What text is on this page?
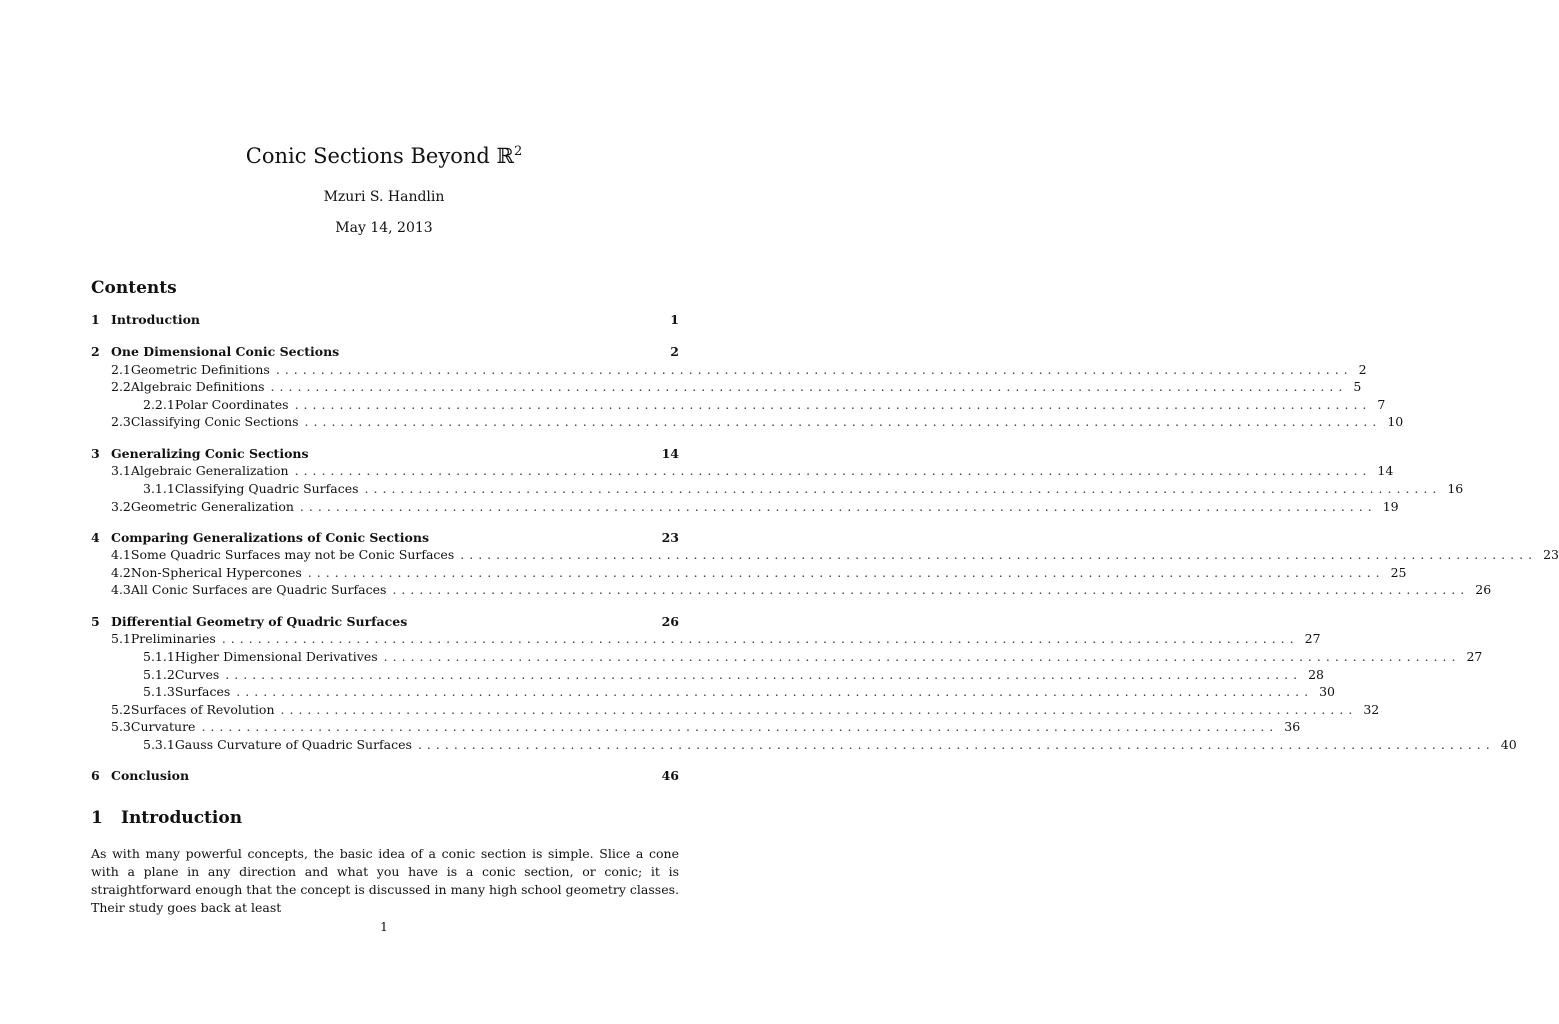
Conic Sections Beyond ℝ$^2$
Mzuri S. Handlin
May 14, 2013
Contents
1 Introduction	1
2 One Dimensional Conic Sections	2
2.1 Geometric Definitions ........................................................................................................................ 2
2.2 Algebraic Definitions ........................................................................................................................ 5
2.2.1 Polar Coordinates ........................................................................................................................ 7
2.3 Classifying Conic Sections ........................................................................................................................ 10
3 Generalizing Conic Sections	14
3.1 Algebraic Generalization ........................................................................................................................ 14
3.1.1 Classifying Quadric Surfaces ........................................................................................................................ 16
3.2 Geometric Generalization ........................................................................................................................ 19
4 Comparing Generalizations of Conic Sections	23
4.1 Some Quadric Surfaces may not be Conic Surfaces ........................................................................................................................ 23
4.2 Non-Spherical Hypercones ........................................................................................................................ 25
4.3 All Conic Surfaces are Quadric Surfaces ........................................................................................................................ 26
5 Differential Geometry of Quadric Surfaces	26
5.1 Preliminaries ........................................................................................................................ 27
5.1.1 Higher Dimensional Derivatives ........................................................................................................................ 27
5.1.2 Curves ........................................................................................................................ 28
5.1.3 Surfaces ........................................................................................................................ 30
5.2 Surfaces of Revolution ........................................................................................................................ 32
5.3 Curvature ........................................................................................................................ 36
5.3.1 Gauss Curvature of Quadric Surfaces ........................................................................................................................ 40
6 Conclusion	46
1 Introduction
As with many powerful concepts, the basic idea of a conic section is simple. Slice a cone with a plane in any direction and what you have is a conic section, or conic; it is straightforward enough that the concept is discussed in many high school geometry classes. Their study goes back at least
1
